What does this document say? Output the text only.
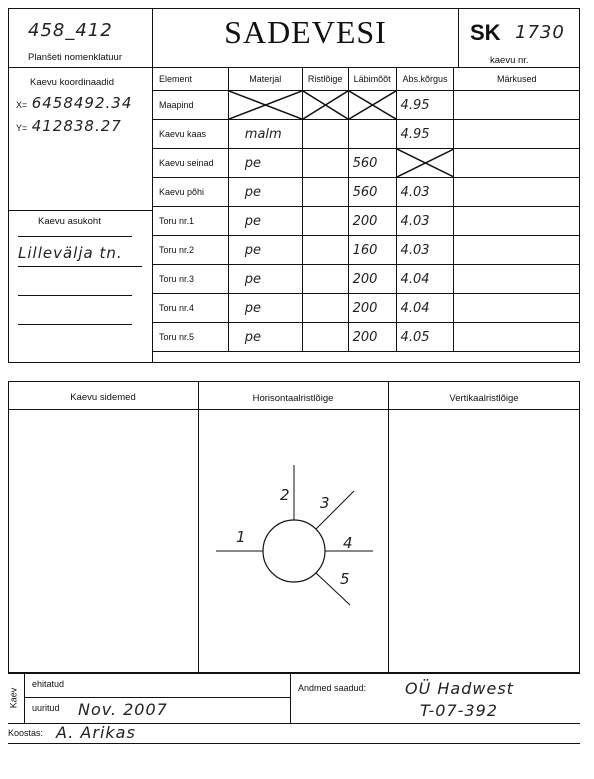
458_412
Planšeti nomenklatuur
SADEVESI	SK 1730
kaevu nr.
Kaevu koordinaadid
X= 6458492.34
Y= 412838.27
Kaevu asukoht
Lillevälja tn.
Element	Materjal	Ristlõige	Läbimõõt	Abs.kõrgus	Märkused
Maapind				4.95	
Kaevu kaas	malm			4.95	
Kaevu seinad	pe		560	

Kaevu põhi	pe		560	4.03	
Toru nr.1	pe		200	4.03	
Toru nr.2	pe		160	4.03	
Toru nr.3	pe		200	4.04	
Toru nr.4	pe		200	4.04	
Toru nr.5	pe		200	4.05	
Kaevu sidemed	Horisontaalristlõige	Vertikaalristlõige
1
2 3
4
5
Kaev
ehitatud
uuritud Nov. 2007
Andmed saadud: OÜ Hadwest
T-07-392
Koostas: A. Arikas
